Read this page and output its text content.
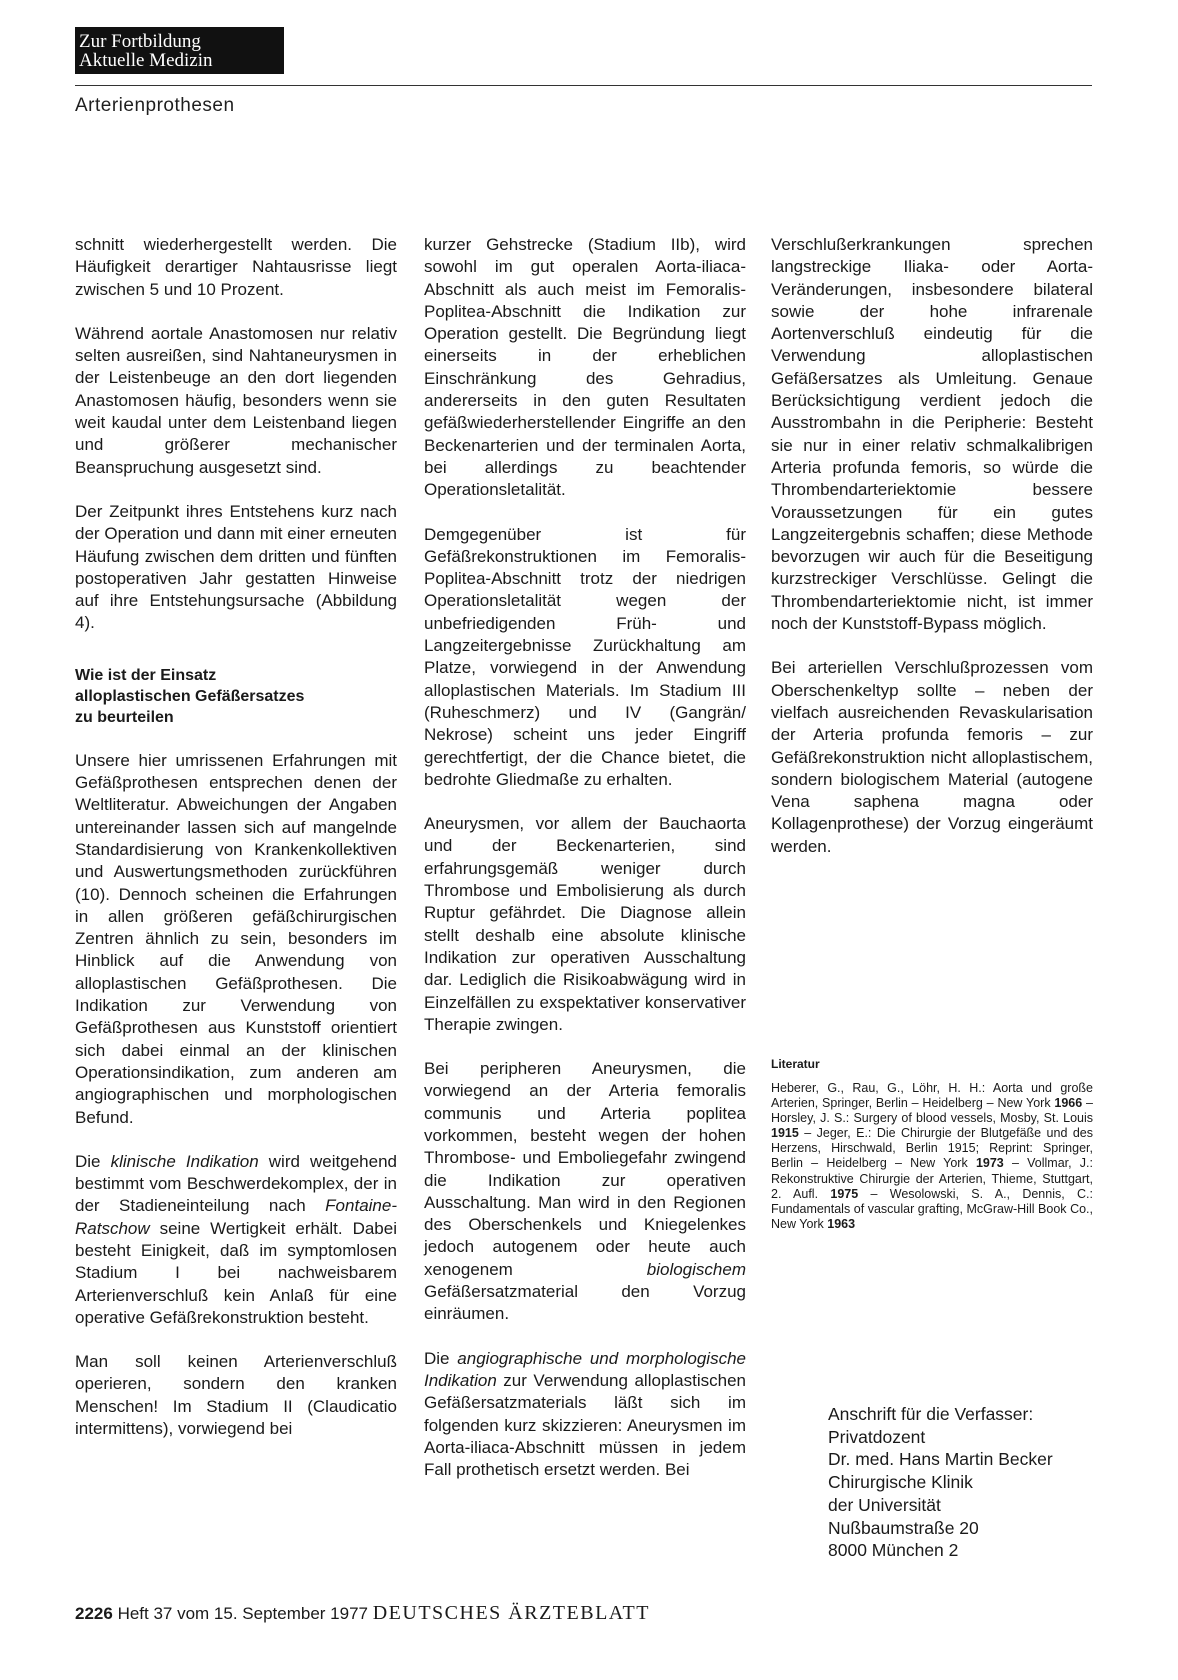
Zur Fortbildung
Aktuelle Medizin
Arterienprothesen

schnitt wiederhergestellt werden. Die Häufigkeit derartiger Nahtausrisse liegt zwischen 5 und 10 Prozent.

Während aortale Anastomosen nur relativ selten ausreißen, sind Nahtaneurysmen in der Leistenbeuge an den dort liegenden Anastomosen häufig, besonders wenn sie weit kaudal unter dem Leistenband liegen und größerer mechanischer Beanspruchung ausgesetzt sind.

Der Zeitpunkt ihres Entstehens kurz nach der Operation und dann mit einer erneuten Häufung zwischen dem dritten und fünften postoperativen Jahr gestatten Hinweise auf ihre Entstehungsursache (Abbildung 4).

Wie ist der Einsatz
alloplastischen Gefäßersatzes
zu beurteilen

Unsere hier umrissenen Erfahrungen mit Gefäßprothesen entsprechen denen der Weltliteratur. Abweichungen der Angaben untereinander lassen sich auf mangelnde Standardisierung von Krankenkollektiven und Auswertungsmethoden zurückführen (10). Dennoch scheinen die Erfahrungen in allen größeren gefäßchirurgischen Zentren ähnlich zu sein, besonders im Hinblick auf die Anwendung von alloplastischen Gefäßprothesen. Die Indikation zur Verwendung von Gefäßprothesen aus Kunststoff orientiert sich dabei einmal an der klinischen Operationsindikation, zum anderen am angiographischen und morphologischen Befund.

Die klinische Indikation wird weitgehend bestimmt vom Beschwerdekomplex, der in der Stadieneinteilung nach Fontaine-Ratschow seine Wertigkeit erhält. Dabei besteht Einigkeit, daß im symptomlosen Stadium I bei nachweisbarem Arterienverschluß kein Anlaß für eine operative Gefäßrekonstruktion besteht.

Man soll keinen Arterienverschluß operieren, sondern den kranken Menschen! Im Stadium II (Claudicatio intermittens), vorwiegend bei

kurzer Gehstrecke (Stadium IIb), wird sowohl im gut operalen Aorta-iliaca-Abschnitt als auch meist im Femoralis-Poplitea-Abschnitt die Indikation zur Operation gestellt. Die Begründung liegt einerseits in der erheblichen Einschränkung des Gehradius, andererseits in den guten Resultaten gefäßwiederherstellender Eingriffe an den Beckenarterien und der terminalen Aorta, bei allerdings zu beachtender Operationsletalität.

Demgegenüber ist für Gefäßrekonstruktionen im Femoralis-Poplitea-Abschnitt trotz der niedrigen Operationsletalität wegen der unbefriedigenden Früh- und Langzeitergebnisse Zurückhaltung am Platze, vorwiegend in der Anwendung alloplastischen Materials. Im Stadium III (Ruheschmerz) und IV (Gangrän/ Nekrose) scheint uns jeder Eingriff gerechtfertigt, der die Chance bietet, die bedrohte Gliedmaße zu erhalten.

Aneurysmen, vor allem der Bauchaorta und der Beckenarterien, sind erfahrungsgemäß weniger durch Thrombose und Embolisierung als durch Ruptur gefährdet. Die Diagnose allein stellt deshalb eine absolute klinische Indikation zur operativen Ausschaltung dar. Lediglich die Risikoabwägung wird in Einzelfällen zu exspektativer konservativer Therapie zwingen.

Bei peripheren Aneurysmen, die vorwiegend an der Arteria femoralis communis und Arteria poplitea vorkommen, besteht wegen der hohen Thrombose- und Emboliegefahr zwingend die Indikation zur operativen Ausschaltung. Man wird in den Regionen des Oberschenkels und Kniegelenkes jedoch autogenem oder heute auch xenogenem biologischem Gefäßersatzmaterial den Vorzug einräumen.

Die angiographische und morphologische Indikation zur Verwendung alloplastischen Gefäßersatzmaterials läßt sich im folgenden kurz skizzieren: Aneurysmen im Aorta-iliaca-Abschnitt müssen in jedem Fall prothetisch ersetzt werden. Bei

Verschlußerkrankungen sprechen langstreckige Iliaka- oder Aorta-Veränderungen, insbesondere bilateral sowie der hohe infrarenale Aortenverschluß eindeutig für die Verwendung alloplastischen Gefäßersatzes als Umleitung. Genaue Berücksichtigung verdient jedoch die Ausstrombahn in die Peripherie: Besteht sie nur in einer relativ schmalkalibrigen Arteria profunda femoris, so würde die Thrombendarteriektomie bessere Voraussetzungen für ein gutes Langzeitergebnis schaffen; diese Methode bevorzugen wir auch für die Beseitigung kurzstreckiger Verschlüsse. Gelingt die Thrombendarteriektomie nicht, ist immer noch der Kunststoff-Bypass möglich.

Bei arteriellen Verschlußprozessen vom Oberschenkeltyp sollte – neben der vielfach ausreichenden Revaskularisation der Arteria profunda femoris – zur Gefäßrekonstruktion nicht alloplastischem, sondern biologischem Material (autogene Vena saphena magna oder Kollagenprothese) der Vorzug eingeräumt werden.

Literatur

Heberer, G., Rau, G., Löhr, H. H.: Aorta und große Arterien, Springer, Berlin – Heidelberg – New York 1966 – Horsley, J. S.: Surgery of blood vessels, Mosby, St. Louis 1915 – Jeger, E.: Die Chirurgie der Blutgefäße und des Herzens, Hirschwald, Berlin 1915; Reprint: Springer, Berlin – Heidelberg – New York 1973 – Vollmar, J.: Rekonstruktive Chirurgie der Arterien, Thieme, Stuttgart, 2. Aufl. 1975 – Wesolowski, S. A., Dennis, C.: Fundamentals of vascular grafting, McGraw-Hill Book Co., New York 1963

Anschrift für die Verfasser:
Privatdozent
Dr. med. Hans Martin Becker
Chirurgische Klinik
der Universität
Nußbaumstraße 20
8000 München 2
2226 Heft 37 vom 15. September 1977 DEUTSCHES ÄRZTEBLATT
